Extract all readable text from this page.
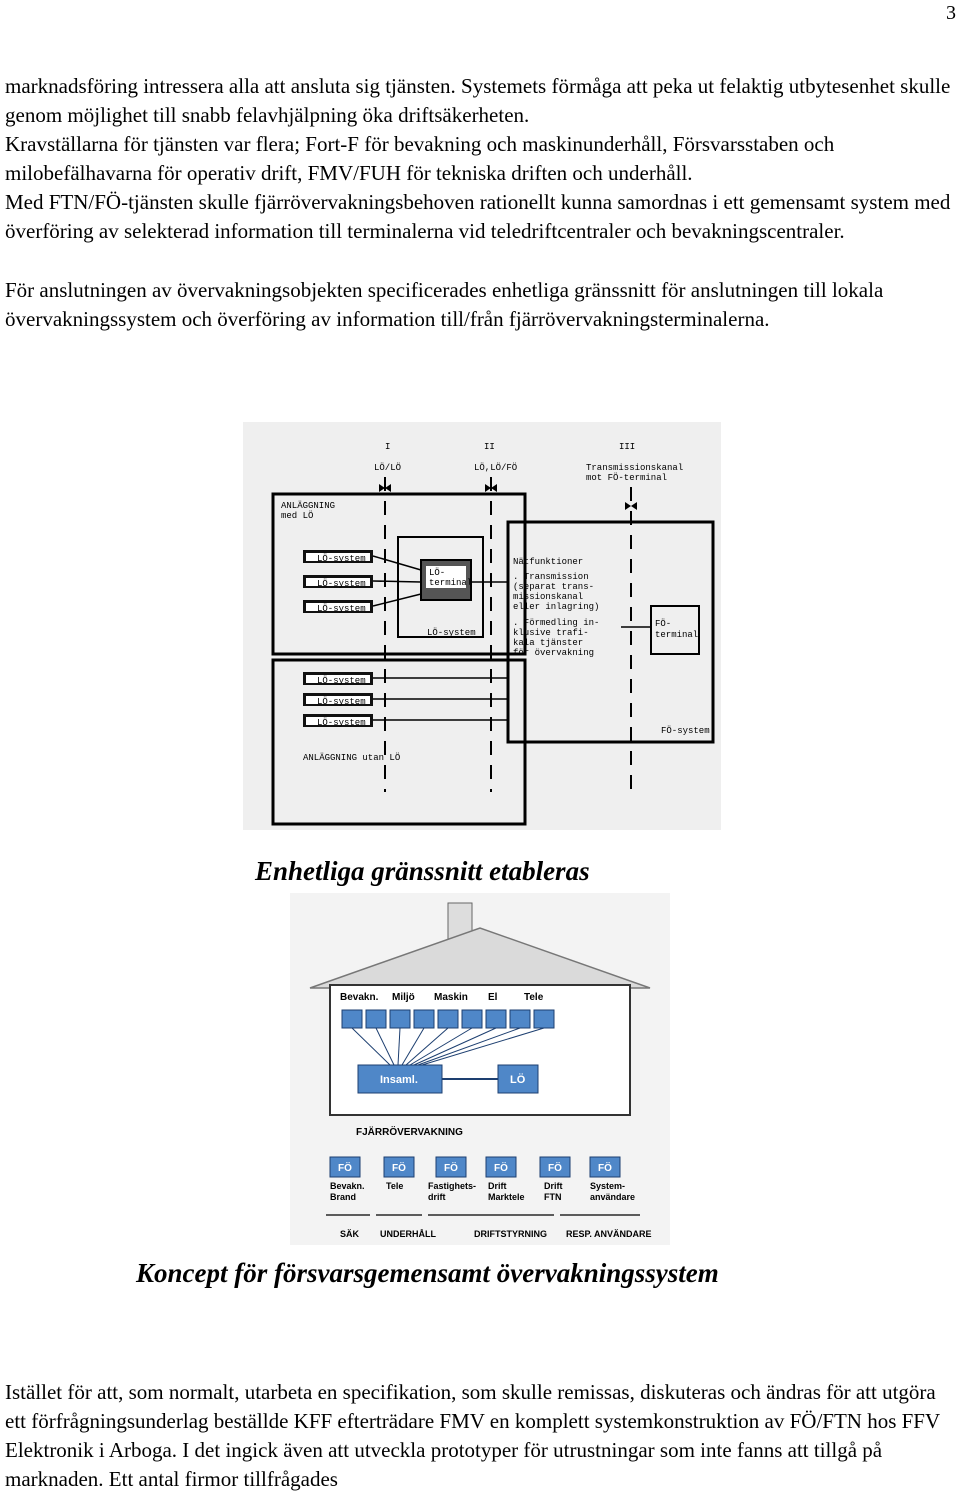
3

marknadsföring intressera alla att ansluta sig tjänsten. Systemets förmåga att peka ut felaktig utbytesenhet skulle genom möjlighet till snabb felavhjälpning öka driftsäkerheten.

Kravställarna för tjänsten var flera; Fort-F för bevakning och maskinunderhåll, Försvarsstaben och milobefälhavarna för operativ drift, FMV/FUH för tekniska driften och underhåll.

Med FTN/FÖ-tjänsten skulle fjärrövervakningsbehoven rationellt kunna samordnas i ett gemensamt system med överföring av selekterad information till terminalerna vid teledriftcentraler och bevakningscentraler.

För anslutningen av övervakningsobjekten specificerades enhetliga gränssnitt för anslutningen till lokala övervakningssystem och överföring av information till/från fjärrövervakningsterminalerna.

I	II	III
LÖ/LÖ	LÖ,LÖ/FÖ	Transmissionskanal
mot FÖ-terminal
ANLÄGGNING
med LÖ
LÖ-system
LÖ-system
LÖ-system
LÖ-
terminal
LÖ-system
Nätfunktioner
. Transmission
(separat trans-
missionskanal
eller inlagring)
. Förmedling in-
klusive trafi-
kala tjänster
för övervakning
FÖ-
terminal
FÖ-system
LÖ-system
LÖ-system
LÖ-system
ANLÄGGNING utan LÖ
Enhetliga gränssnitt etableras
Bevakn. Miljö Maskin El	Tele
Insaml.	LÖ
FJÄRRÖVERVAKNING
FÖ	FÖ	FÖ	FÖ	FÖ	FÖ
Bevakn.
Brand
Tele	Fastighets-
drift
Drift
Marktele
Drift
FTN
System-
användare
SÄK UNDERHÅLL	DRIFTSTYRNING RESP. ANVÄNDARE
Koncept för försvarsgemensamt övervakningssystem

Istället för att, som normalt, utarbeta en specifikation, som skulle remissas, diskuteras och ändras för att utgöra ett förfrågningsunderlag beställde KFF efterträdare FMV en komplett systemkonstruktion av FÖ/FTN hos FFV Elektronik i Arboga. I det ingick även att utveckla prototyper för utrustningar som inte fanns att tillgå på marknaden. Ett antal firmor tillfrågades
